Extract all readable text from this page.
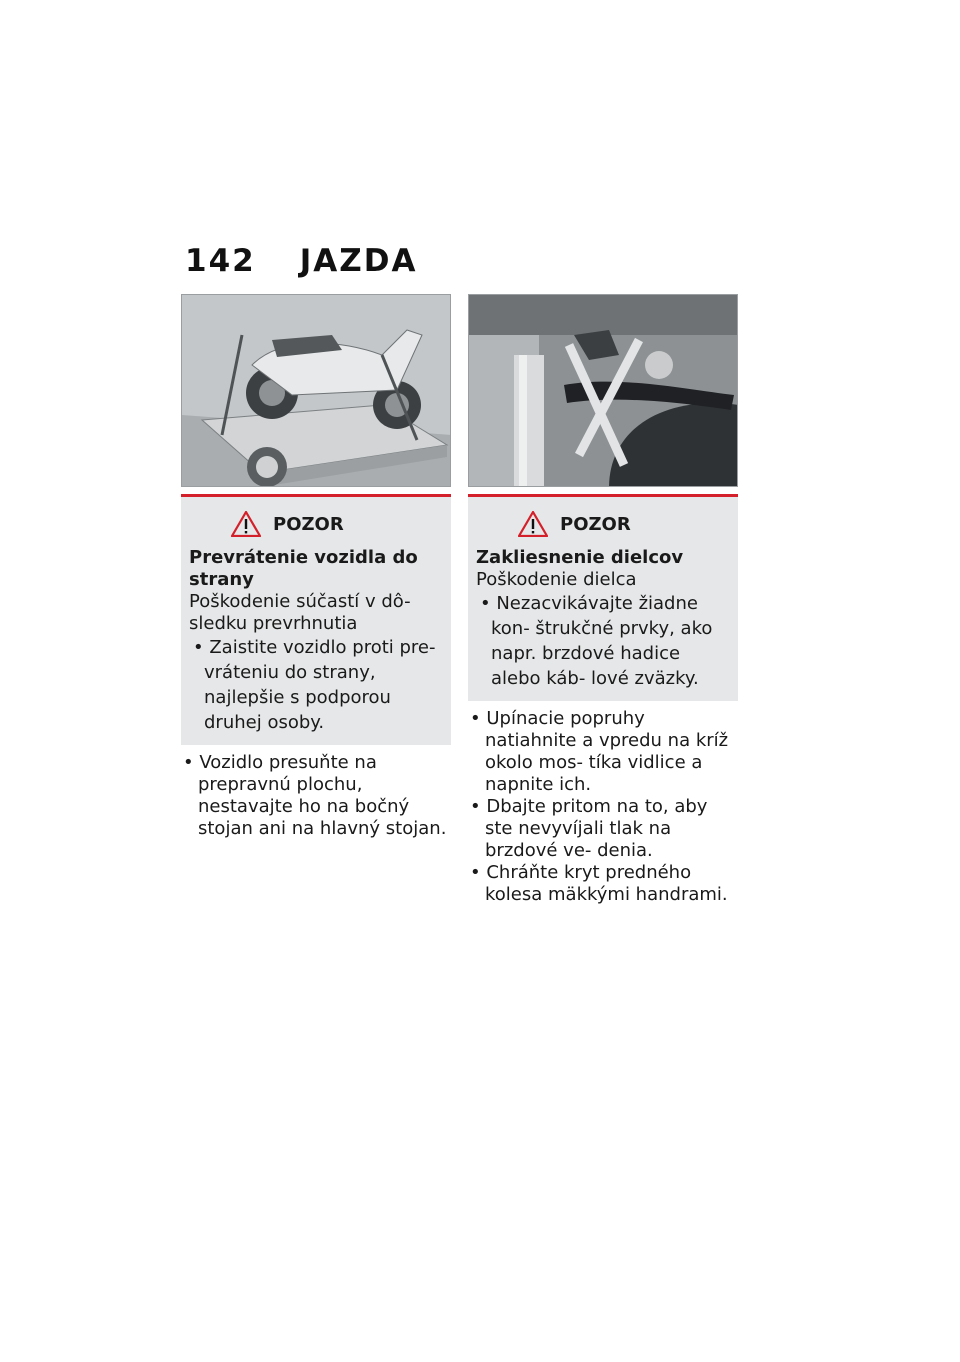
142 JAZDA
POZOR
Prevrátenie vozidla do strany
Poškodenie súčastí v dô-
sledku prevrhnutia
• Zaistite vozidlo proti pre- vráteniu do strany, najlepšie s podporou druhej osoby.
• Vozidlo presuňte na prepravnú plochu, nestavajte ho na bočný stojan ani na hlavný stojan.
POZOR
Zakliesnenie dielcov
Poškodenie dielca
• Nezacvikávajte žiadne kon- štrukčné prvky, ako napr. brzdové hadice alebo káb- lové zväzky.
• Upínacie popruhy natiahnite a vpredu na kríž okolo mos- tíka vidlice a napnite ich.
• Dbajte pritom na to, aby ste nevyvíjali tlak na brzdové ve- denia.
• Chráňte kryt predného kolesa mäkkými handrami.
